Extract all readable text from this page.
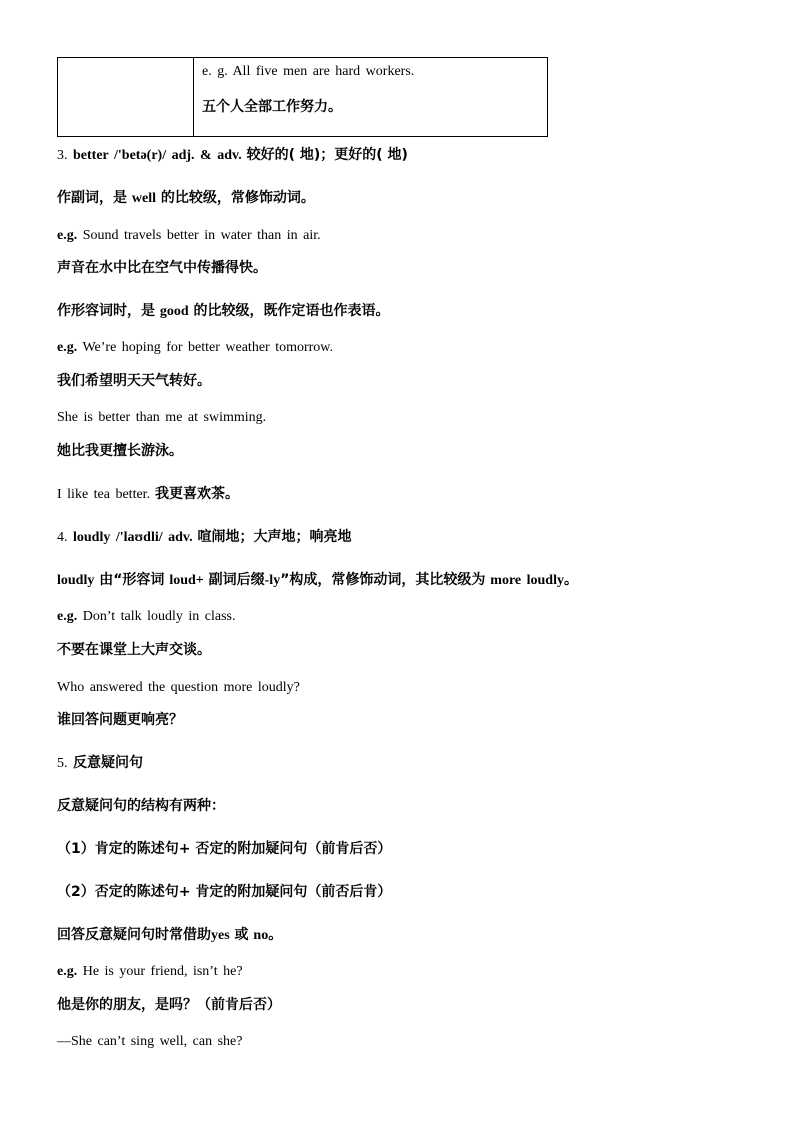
e. g. All five men are hard workers.
五个人全部工作努力。
3. better /'betə(r)/ adj. & adv. 较好的( 地)；更好的( 地)
作副词，是 well 的比较级，常修饰动词。
e.g. Sound travels better in water than in air.
声音在水中比在空气中传播得快。
作形容词时，是 good 的比较级，既作定语也作表语。
e.g. We’re hoping for better weather tomorrow.
我们希望明天天气转好。
She is better than me at swimming.
她比我更擅长游泳。
I like tea better. 我更喜欢茶。
4. loudly /'laʊdli/ adv. 喧闹地；大声地；响亮地
loudly 由“形容词 loud+ 副词后缀-ly”构成，常修饰动词，其比较级为 more loudly。
e.g. Don’t talk loudly in class.
不要在课堂上大声交谈。
Who answered the question more loudly?
谁回答问题更响亮？
5. 反意疑问句
反意疑问句的结构有两种：
（1）肯定的陈述句+ 否定的附加疑问句（前肯后否）
（2）否定的陈述句+ 肯定的附加疑问句（前否后肯）
回答反意疑问句时常借助yes 或 no。
e.g. He is your friend, isn’t he?
他是你的朋友，是吗？（前肯后否）
—She can’t sing well, can she?
